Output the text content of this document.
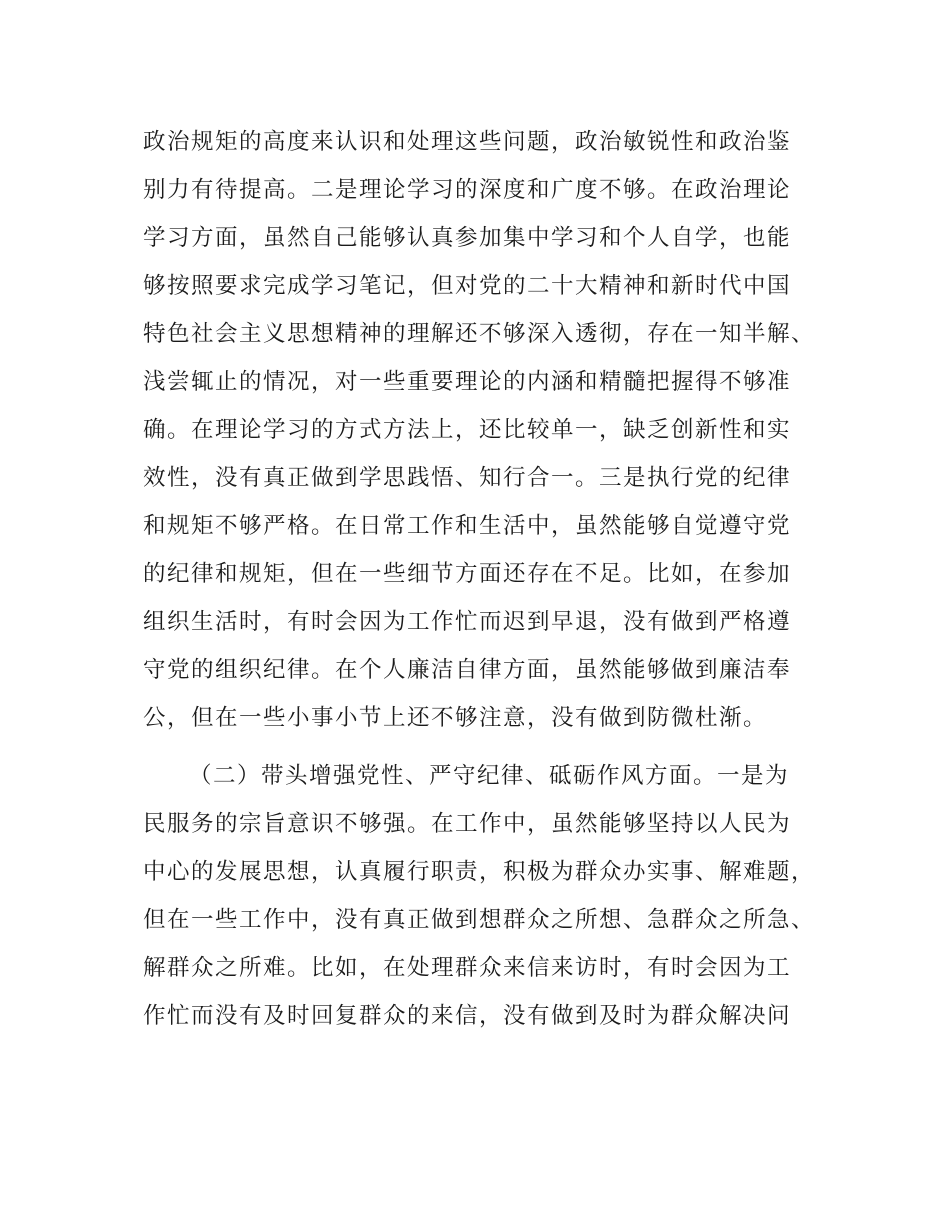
政治规矩的高度来认识和处理这些问题，政治敏锐性和政治鉴
别力有待提高。二是理论学习的深度和广度不够。在政治理论
学习方面，虽然自己能够认真参加集中学习和个人自学，也能
够按照要求完成学习笔记，但对党的二十大精神和新时代中国
特色社会主义思想精神的理解还不够深入透彻，存在一知半解、
浅尝辄止的情况，对一些重要理论的内涵和精髓把握得不够准
确。在理论学习的方式方法上，还比较单一，缺乏创新性和实
效性，没有真正做到学思践悟、知行合一。三是执行党的纪律
和规矩不够严格。在日常工作和生活中，虽然能够自觉遵守党
的纪律和规矩，但在一些细节方面还存在不足。比如，在参加
组织生活时，有时会因为工作忙而迟到早退，没有做到严格遵
守党的组织纪律。在个人廉洁自律方面，虽然能够做到廉洁奉
公，但在一些小事小节上还不够注意，没有做到防微杜渐。
（二）带头增强党性、严守纪律、砥砺作风方面。一是为
民服务的宗旨意识不够强。在工作中，虽然能够坚持以人民为
中心的发展思想，认真履行职责，积极为群众办实事、解难题，
但在一些工作中，没有真正做到想群众之所想、急群众之所急、
解群众之所难。比如，在处理群众来信来访时，有时会因为工
作忙而没有及时回复群众的来信，没有做到及时为群众解决问
